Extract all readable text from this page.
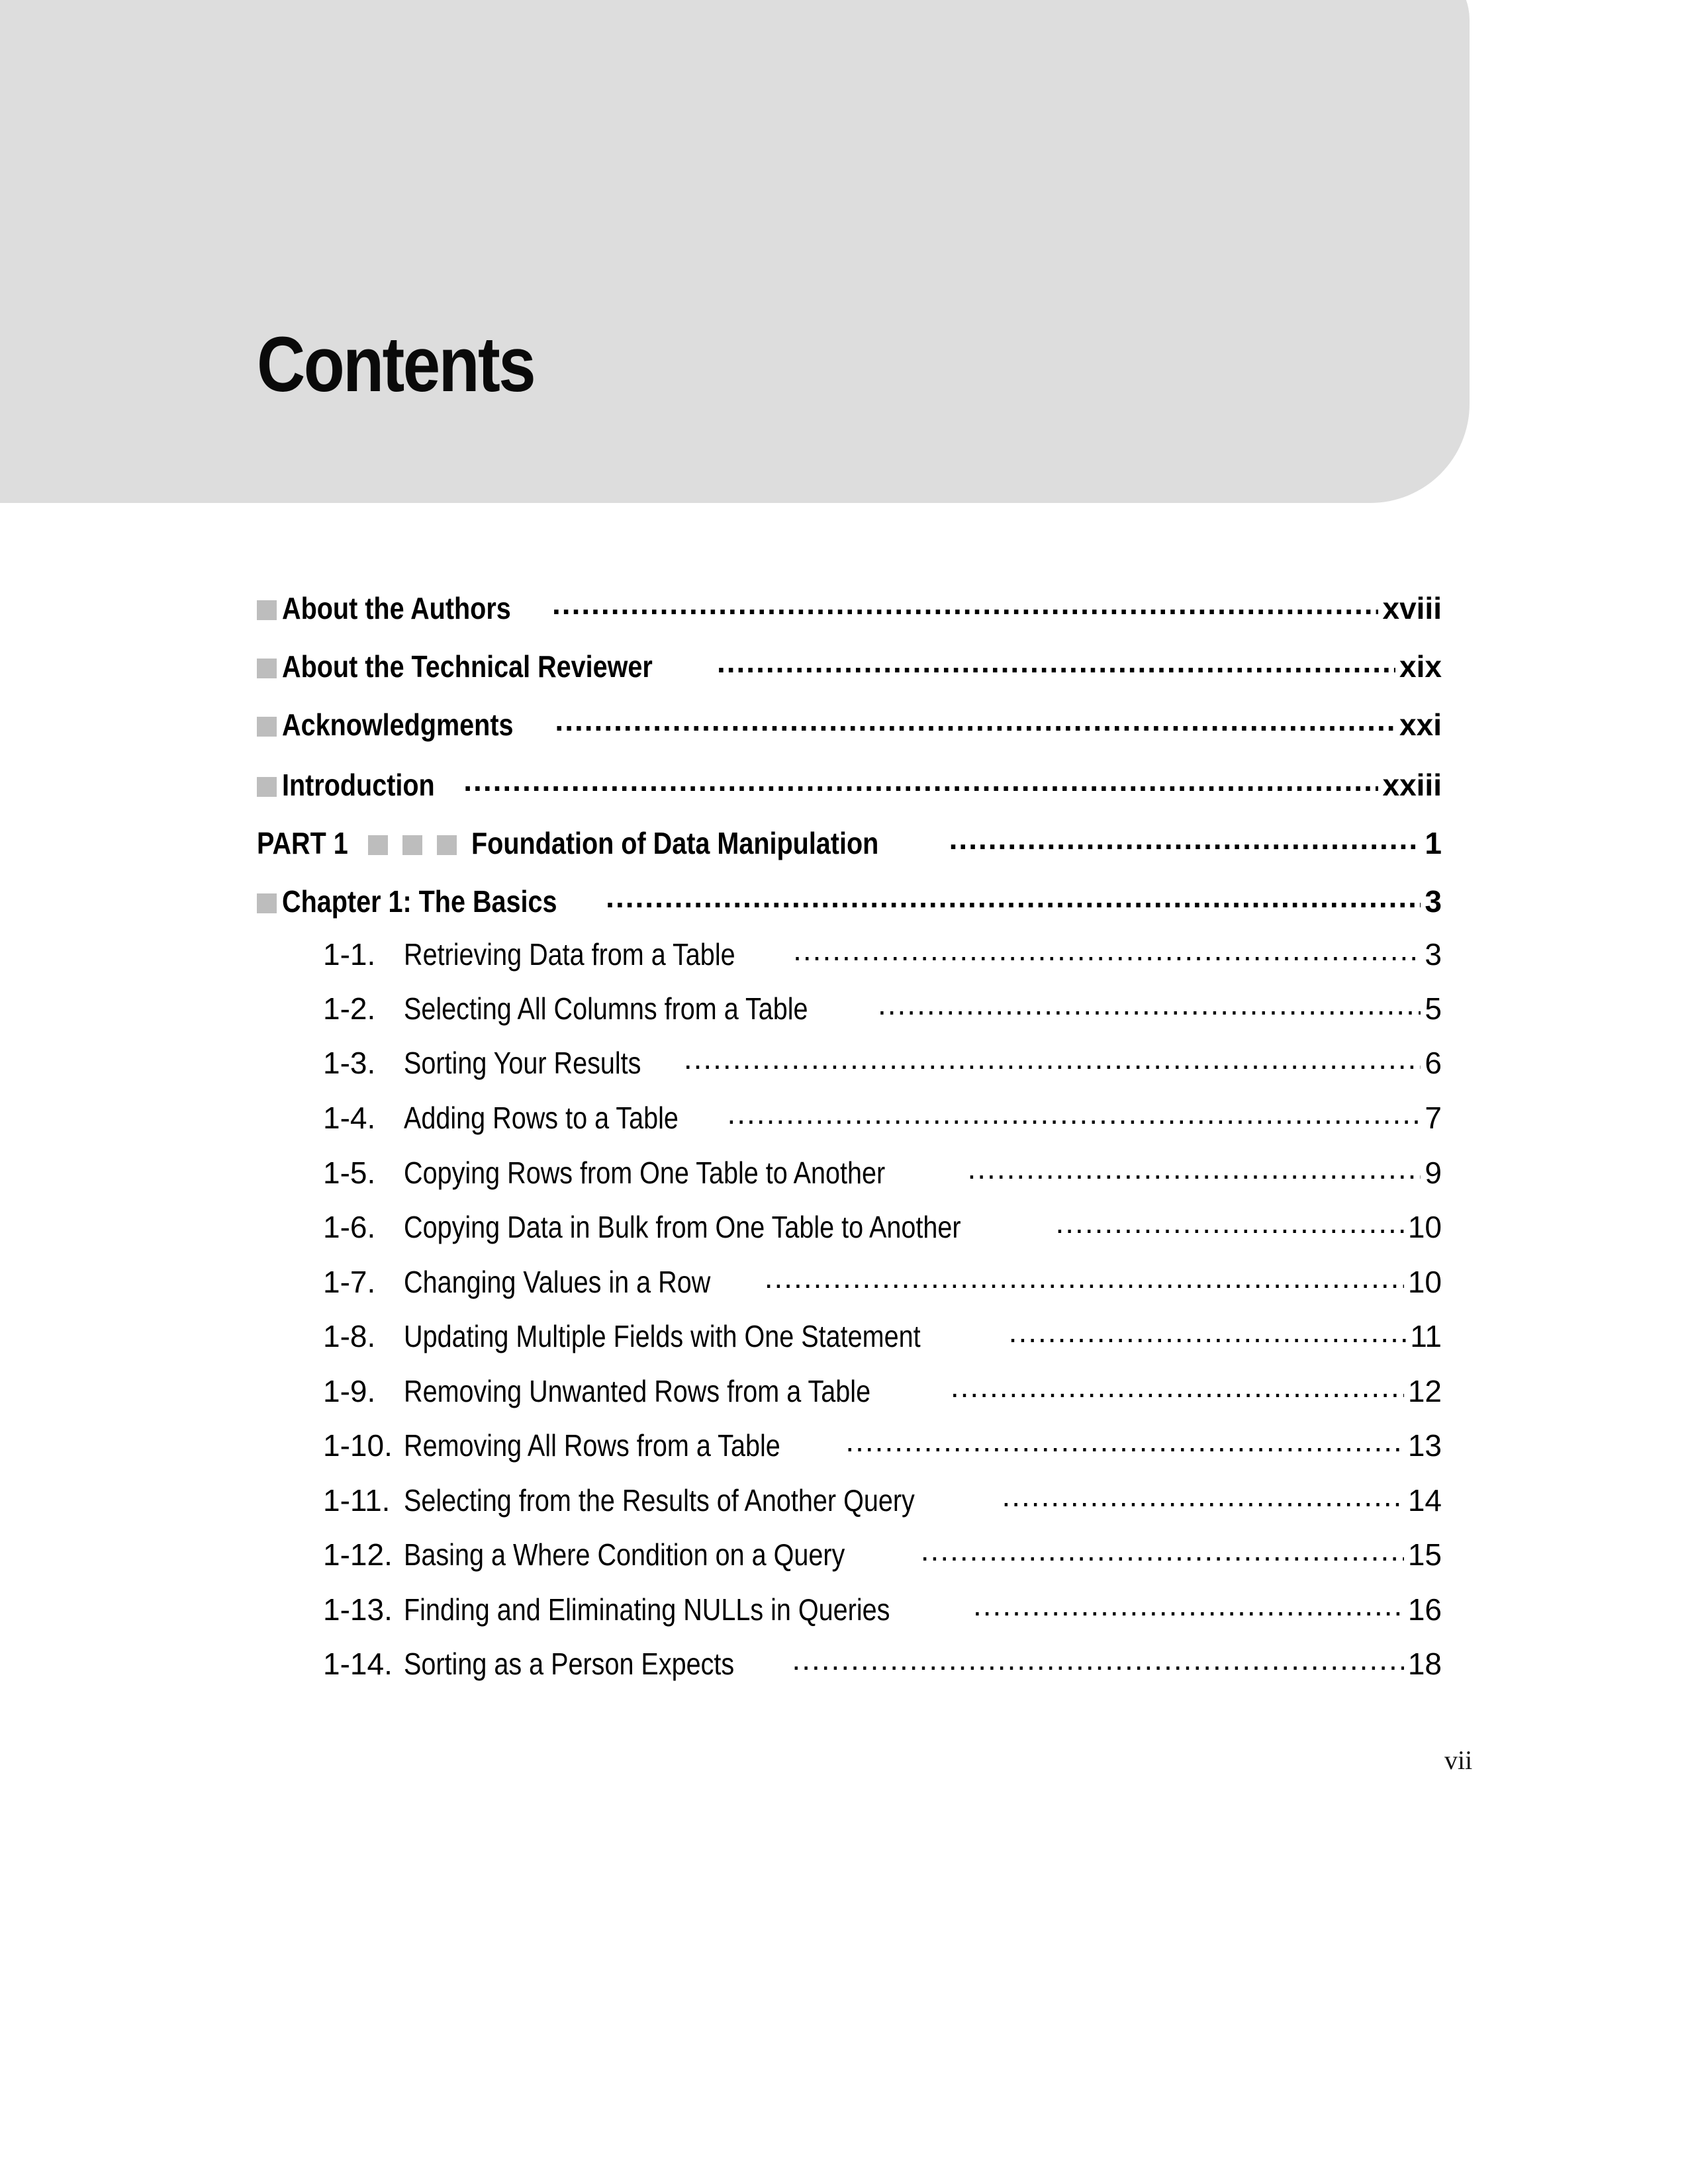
Contents
About the Authors .....	xviii
About the Technical Reviewer .....	xix
Acknowledgments .....	xxi
Introduction .....	xxiii
PART 1	Foundation of Data Manipulation .....	1
Chapter 1: The Basics .....	3
1-1. Retrieving Data from a Table .....	3
1-2. Selecting All Columns from a Table .....	5
1-3. Sorting Your Results .....	6
1-4. Adding Rows to a Table .....	7
1-5. Copying Rows from One Table to Another .....	9
1-6. Copying Data in Bulk from One Table to Another .....	10
1-7. Changing Values in a Row .....	10
1-8. Updating Multiple Fields with One Statement .....	11
1-9. Removing Unwanted Rows from a Table .....	12
1-10. Removing All Rows from a Table .....	13
1-11. Selecting from the Results of Another Query .....	14
1-12. Basing a Where Condition on a Query .....	15
1-13. Finding and Eliminating NULLs in Queries .....	16
1-14. Sorting as a Person Expects .....	18
vii
